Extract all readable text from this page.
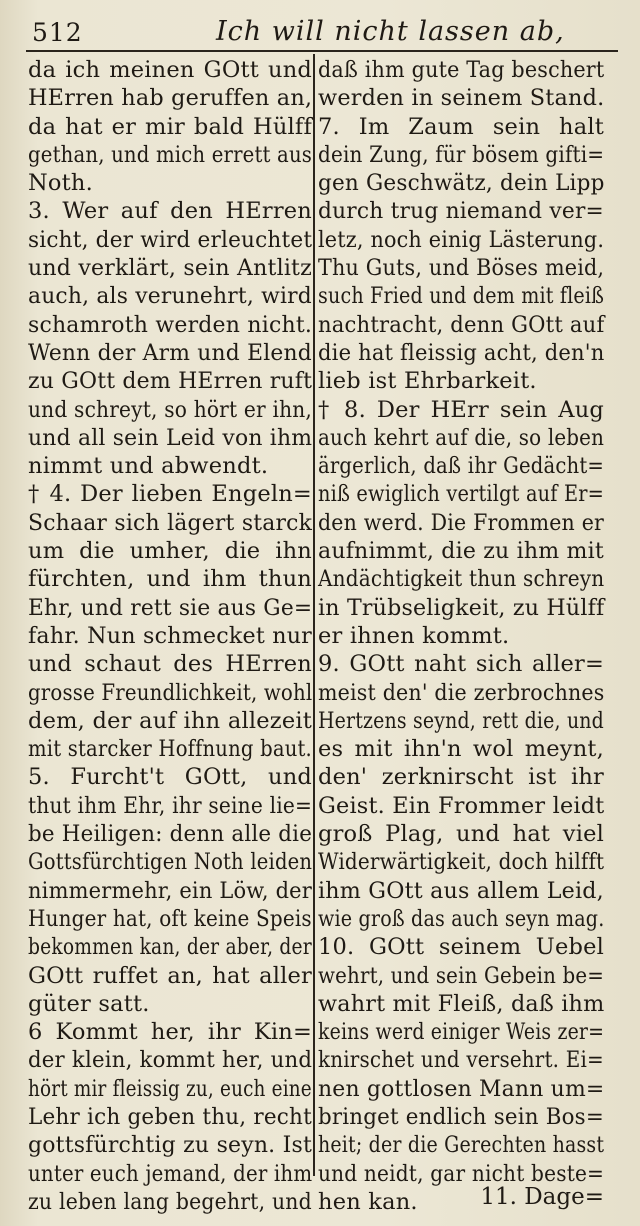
512	Ich will nicht lassen ab,
da ich meinen GOtt und
HErren hab geruffen an,
da hat er mir bald Hülff
gethan, und mich errett aus
Noth.
3. Wer auf den HErren
sicht, der wird erleuchtet
und verklärt, sein Antlitz
auch, als verunehrt, wird
schamroth werden nicht.
Wenn der Arm und Elend
zu GOtt dem HErren ruft
und schreyt, so hört er ihn,
und all sein Leid von ihm
nimmt und abwendt.
† 4. Der lieben Engeln=
Schaar sich lägert starck
um die umher, die ihn
fürchten, und ihm thun
Ehr, und rett sie aus Ge=
fahr. Nun schmecket nur
und schaut des HErren
grosse Freundlichkeit, wohl
dem, der auf ihn allezeit
mit starcker Hoffnung baut.
5. Furcht't GOtt, und
thut ihm Ehr, ihr seine lie=
be Heiligen: denn alle die
Gottsfürchtigen Noth leiden
nimmermehr, ein Löw, der
Hunger hat, oft keine Speis
bekommen kan, der aber, der
GOtt ruffet an, hat aller
güter satt.
6 Kommt her, ihr Kin=
der klein, kommt her, und
hört mir fleissig zu, euch eine
Lehr ich geben thu, recht
gottsfürchtig zu seyn. Ist
unter euch jemand, der ihm
zu leben lang begehrt, und
daß ihm gute Tag beschert
werden in seinem Stand.
7. Im Zaum sein halt
dein Zung, für bösem gifti=
gen Geschwätz, dein Lipp
durch trug niemand ver=
letz, noch einig Lästerung.
Thu Guts, und Böses meid,
such Fried und dem mit fleiß
nachtracht, denn GOtt auf
die hat fleissig acht, den'n
lieb ist Ehrbarkeit.
† 8. Der HErr sein Aug
auch kehrt auf die, so leben
ärgerlich, daß ihr Gedächt=
niß ewiglich vertilgt auf Er=
den werd. Die Frommen er
aufnimmt, die zu ihm mit
Andächtigkeit thun schreyn
in Trübseligkeit, zu Hülff
er ihnen kommt.
9. GOtt naht sich aller=
meist den' die zerbrochnes
Hertzens seynd, rett die, und
es mit ihn'n wol meynt,
den' zerknirscht ist ihr
Geist. Ein Frommer leidt
groß Plag, und hat viel
Widerwärtigkeit, doch hilfft
ihm GOtt aus allem Leid,
wie groß das auch seyn mag.
10. GOtt seinem Uebel
wehrt, und sein Gebein be=
wahrt mit Fleiß, daß ihm
keins werd einiger Weis zer=
knirschet und versehrt. Ei=
nen gottlosen Mann um=
bringet endlich sein Bos=
heit; der die Gerechten hasst
und neidt, gar nicht beste=
hen kan.	11. Dage=
